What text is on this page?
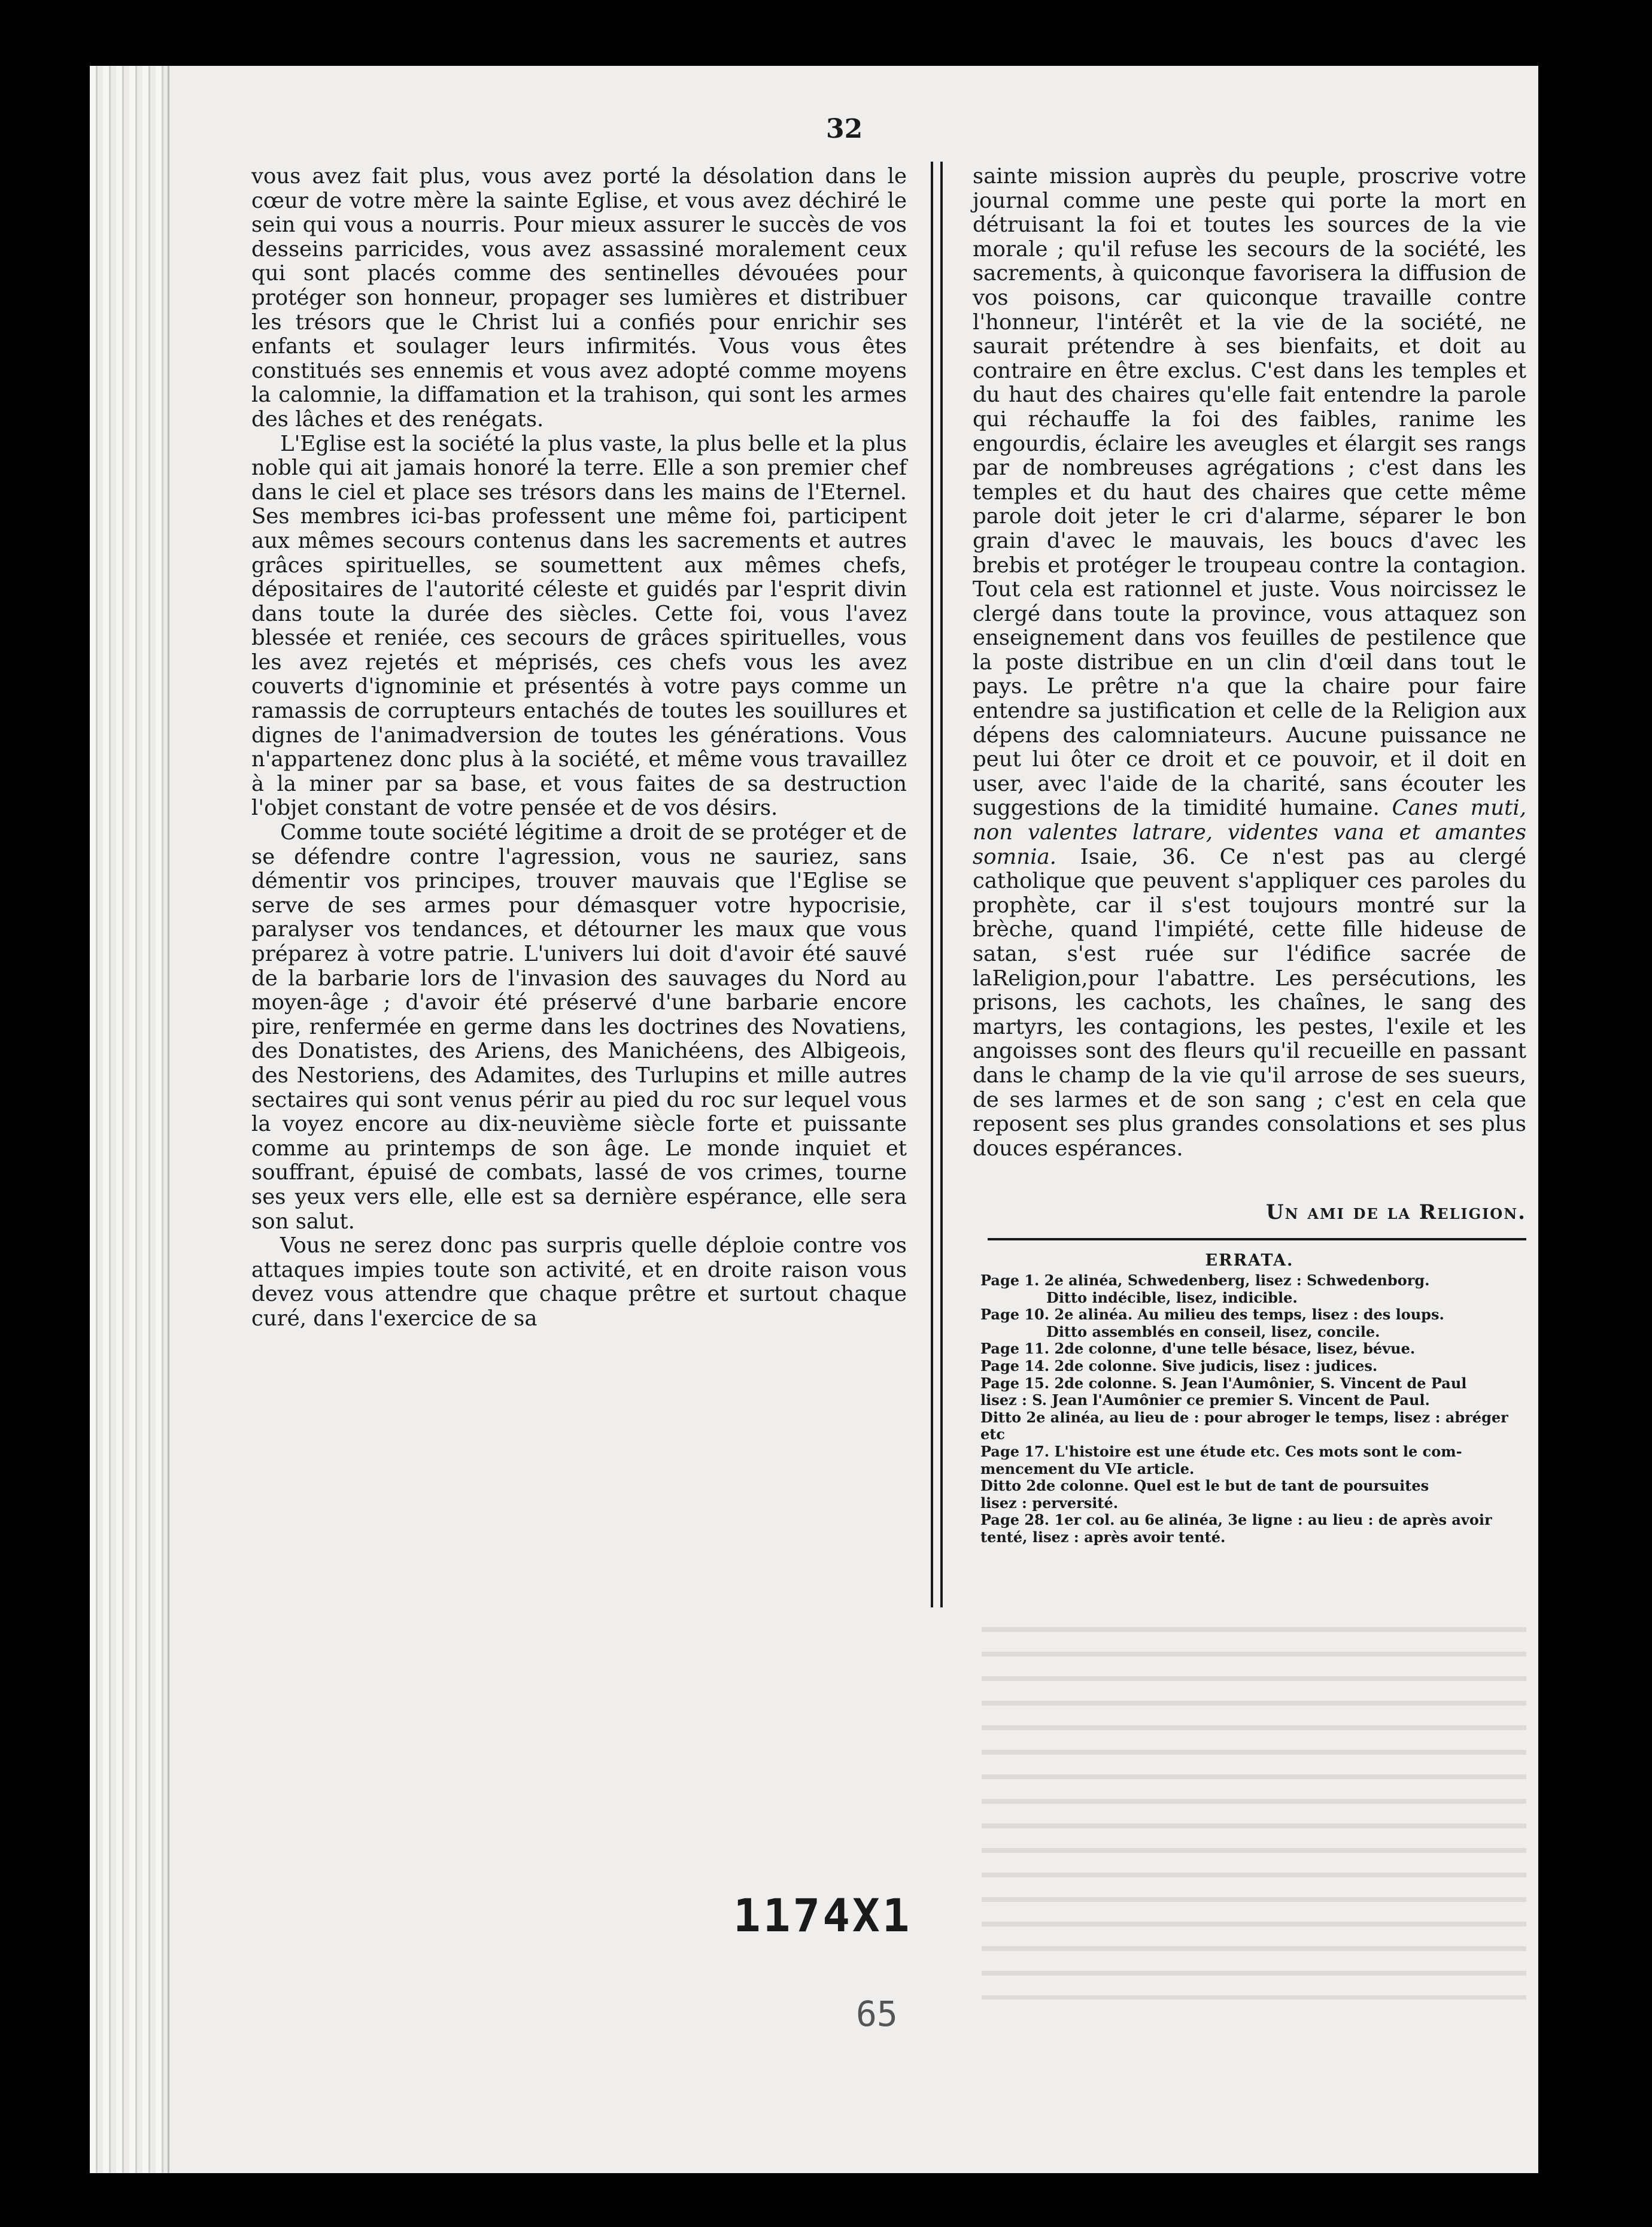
32

vous avez fait plus, vous avez porté la désolation dans le cœur de votre mère la sainte Eglise, et vous avez déchiré le sein qui vous a nourris. Pour mieux assurer le succès de vos desseins parricides, vous avez assassiné moralement ceux qui sont placés comme des sentinelles dévouées pour protéger son honneur, propager ses lumières et distribuer les trésors que le Christ lui a confiés pour enrichir ses enfants et soulager leurs infirmités. Vous vous êtes constitués ses ennemis et vous avez adopté comme moyens la calomnie, la diffamation et la trahison, qui sont les armes des lâches et des renégats.

L'Eglise est la société la plus vaste, la plus belle et la plus noble qui ait jamais honoré la terre. Elle a son premier chef dans le ciel et place ses trésors dans les mains de l'Eternel. Ses membres ici-bas professent une même foi, participent aux mêmes secours contenus dans les sacrements et autres grâces spirituelles, se soumettent aux mêmes chefs, dépositaires de l'autorité céleste et guidés par l'esprit divin dans toute la durée des siècles. Cette foi, vous l'avez blessée et reniée, ces secours de grâces spirituelles, vous les avez rejetés et méprisés, ces chefs vous les avez couverts d'ignominie et présentés à votre pays comme un ramassis de corrupteurs entachés de toutes les souillures et dignes de l'animadversion de toutes les générations. Vous n'appartenez donc plus à la société, et même vous travaillez à la miner par sa base, et vous faites de sa destruction l'objet constant de votre pensée et de vos désirs.

Comme toute société légitime a droit de se protéger et de se défendre contre l'agression, vous ne sauriez, sans démentir vos principes, trouver mauvais que l'Eglise se serve de ses armes pour démasquer votre hypocrisie, paralyser vos tendances, et détourner les maux que vous préparez à votre patrie. L'univers lui doit d'avoir été sauvé de la barbarie lors de l'invasion des sauvages du Nord au moyen-âge ; d'avoir été préservé d'une barbarie encore pire, renfermée en germe dans les doctrines des Novatiens, des Donatistes, des Ariens, des Manichéens, des Albigeois, des Nestoriens, des Adamites, des Turlupins et mille autres sectaires qui sont venus périr au pied du roc sur lequel vous la voyez encore au dix-neuvième siècle forte et puissante comme au printemps de son âge. Le monde inquiet et souffrant, épuisé de combats, lassé de vos crimes, tourne ses yeux vers elle, elle est sa dernière espérance, elle sera son salut.

Vous ne serez donc pas surpris quelle déploie contre vos attaques impies toute son activité, et en droite raison vous devez vous attendre que chaque prêtre et surtout chaque curé, dans l'exercice de sa

sainte mission auprès du peuple, proscrive votre journal comme une peste qui porte la mort en détruisant la foi et toutes les sources de la vie morale ; qu'il refuse les secours de la société, les sacrements, à quiconque favorisera la diffusion de vos poisons, car quiconque travaille contre l'honneur, l'intérêt et la vie de la société, ne saurait prétendre à ses bienfaits, et doit au contraire en être exclus. C'est dans les temples et du haut des chaires qu'elle fait entendre la parole qui réchauffe la foi des faibles, ranime les engourdis, éclaire les aveugles et élargit ses rangs par de nombreuses agrégations ; c'est dans les temples et du haut des chaires que cette même parole doit jeter le cri d'alarme, séparer le bon grain d'avec le mauvais, les boucs d'avec les brebis et protéger le troupeau contre la contagion. Tout cela est rationnel et juste. Vous noircissez le clergé dans toute la province, vous attaquez son enseignement dans vos feuilles de pestilence que la poste distribue en un clin d'œil dans tout le pays. Le prêtre n'a que la chaire pour faire entendre sa justification et celle de la Religion aux dépens des calomniateurs. Aucune puissance ne peut lui ôter ce droit et ce pouvoir, et il doit en user, avec l'aide de la charité, sans écouter les suggestions de la timidité humaine. Canes muti, non valentes latrare, videntes vana et amantes somnia. Isaie, 36. Ce n'est pas au clergé catholique que peuvent s'appliquer ces paroles du prophète, car il s'est toujours montré sur la brèche, quand l'impiété, cette fille hideuse de satan, s'est ruée sur l'édifice sacrée de laReligion,pour l'abattre. Les persécutions, les prisons, les cachots, les chaînes, le sang des martyrs, les contagions, les pestes, l'exile et les angoisses sont des fleurs qu'il recueille en passant dans le champ de la vie qu'il arrose de ses sueurs, de ses larmes et de son sang ; c'est en cela que reposent ses plus grandes consolations et ses plus douces espérances.

Un ami de la Religion.
ERRATA.
Page 1. 2e alinéa, Schwedenberg, lisez : Schwedenborg.
Ditto indécible, lisez, indicible.
Page 10. 2e alinéa. Au milieu des temps, lisez : des loups.
Ditto assemblés en conseil, lisez, concile.
Page 11. 2de colonne, d'une telle bésace, lisez, bévue.
Page 14. 2de colonne. Sive judicis, lisez : judices.
Page 15. 2de colonne. S. Jean l'Aumônier, S. Vincent de Paul
lisez : S. Jean l'Aumônier ce premier S. Vincent de Paul.
Ditto 2e alinéa, au lieu de : pour abroger le temps, lisez : abréger
etc
Page 17. L'histoire est une étude etc. Ces mots sont le com-
mencement du VIe article.
Ditto 2de colonne. Quel est le but de tant de poursuites
lisez : perversité.
Page 28. 1er col. au 6e alinéa, 3e ligne : au lieu : de après avoir
tenté, lisez : après avoir tenté.
1174X1
65
